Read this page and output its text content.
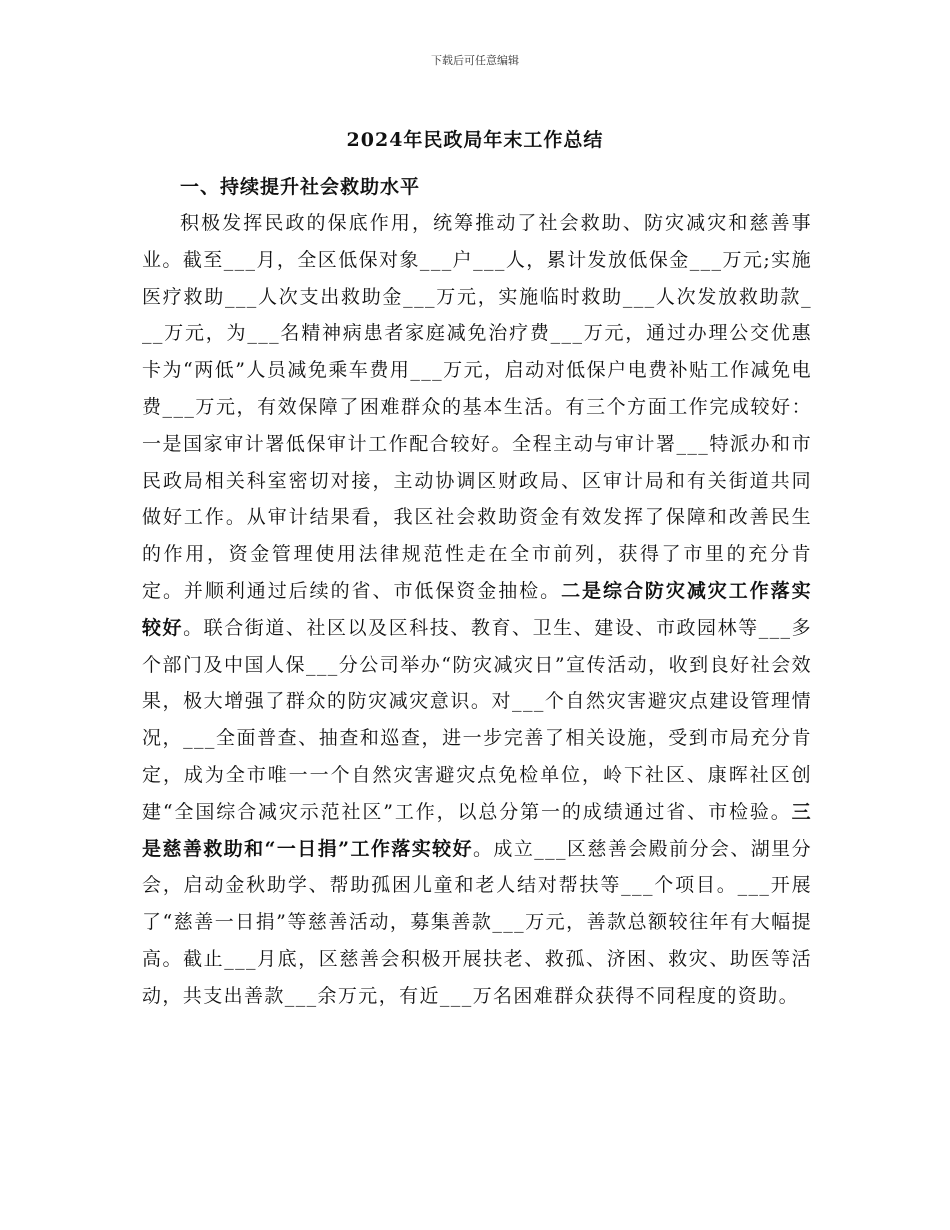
下载后可任意编辑
2024年民政局年末工作总结
一、持续提升社会救助水平

积极发挥民政的保底作用，统筹推动了社会救助、防灾减灾和慈善事业。截至___月，全区低保对象___户___人，累计发放低保金___万元;实施医疗救助___人次支出救助金___万元，实施临时救助___人次发放救助款___万元，为___名精神病患者家庭减免治疗费___万元，通过办理公交优惠卡为“两低”人员减免乘车费用___万元，启动对低保户电费补贴工作减免电费___万元，有效保障了困难群众的基本生活。有三个方面工作完成较好：一是国家审计署低保审计工作配合较好。全程主动与审计署___特派办和市民政局相关科室密切对接，主动协调区财政局、区审计局和有关街道共同做好工作。从审计结果看，我区社会救助资金有效发挥了保障和改善民生的作用，资金管理使用法律规范性走在全市前列，获得了市里的充分肯定。并顺利通过后续的省、市低保资金抽检。二是综合防灾减灾工作落实较好。联合街道、社区以及区科技、教育、卫生、建设、市政园林等___多个部门及中国人保___分公司举办“防灾减灾日”宣传活动，收到良好社会效果，极大增强了群众的防灾减灾意识。对___个自然灾害避灾点建设管理情况，___全面普查、抽查和巡查，进一步完善了相关设施，受到市局充分肯定，成为全市唯一一个自然灾害避灾点免检单位，岭下社区、康晖社区创建“全国综合减灾示范社区”工作，以总分第一的成绩通过省、市检验。三是慈善救助和“一日捐”工作落实较好。成立___区慈善会殿前分会、湖里分会，启动金秋助学、帮助孤困儿童和老人结对帮扶等___个项目。___开展了“慈善一日捐”等慈善活动，募集善款___万元，善款总额较往年有大幅提高。截止___月底，区慈善会积极开展扶老、救孤、济困、救灾、助医等活动，共支出善款___余万元，有近___万名困难群众获得不同程度的资助。
